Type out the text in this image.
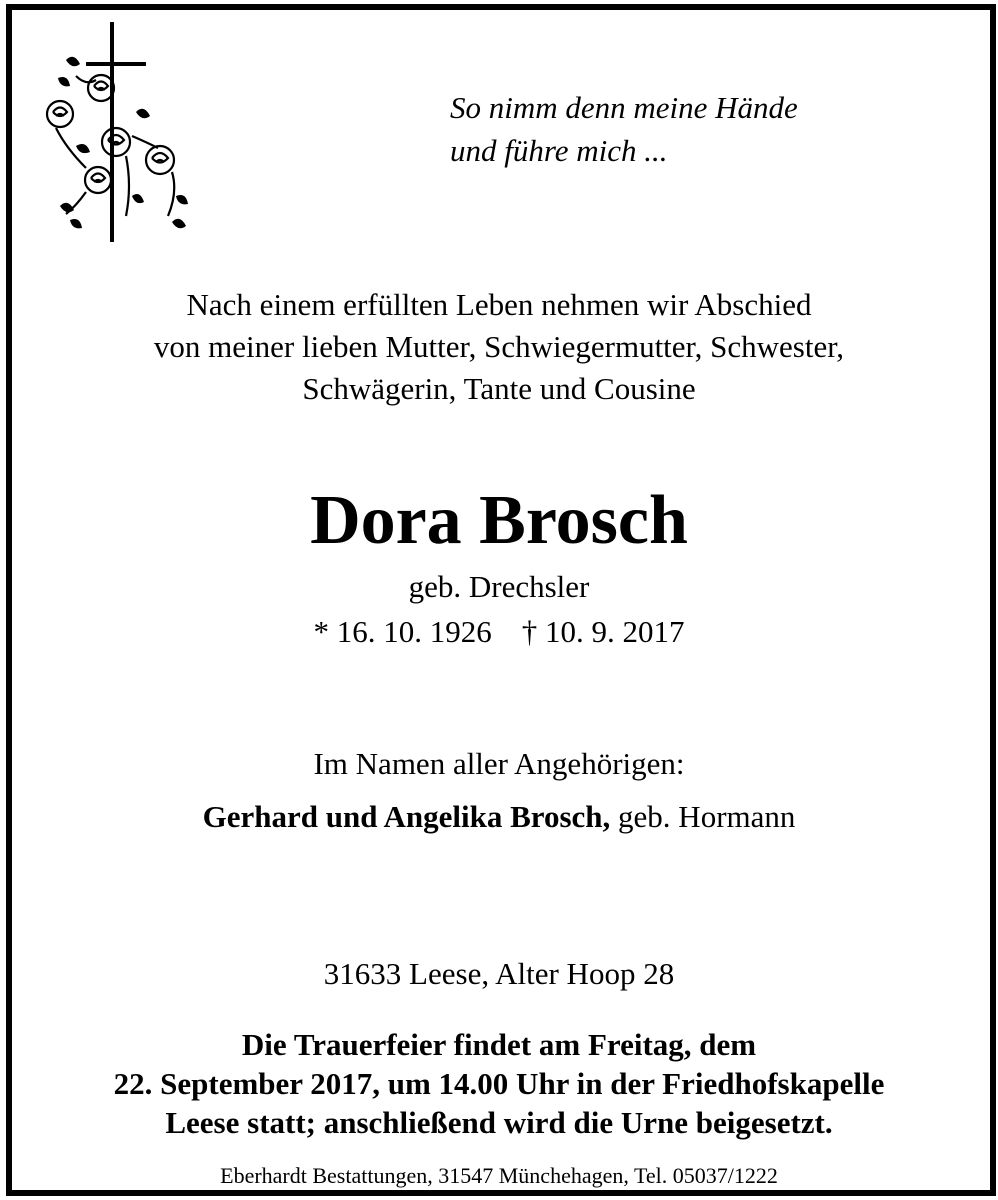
So nimm denn meine Hände
und führe mich ...
Nach einem erfüllten Leben nehmen wir Abschied
von meiner lieben Mutter, Schwiegermutter, Schwester,
Schwägerin, Tante und Cousine
Dora Brosch
geb. Drechsler
* 16. 10. 1926 † 10. 9. 2017
Im Namen aller Angehörigen:
Gerhard und Angelika Brosch, geb. Hormann
31633 Leese, Alter Hoop 28
Die Trauerfeier findet am Freitag, dem
22. September 2017, um 14.00 Uhr in der Friedhofskapelle
Leese statt; anschließend wird die Urne beigesetzt.
Eberhardt Bestattungen, 31547 Münchehagen, Tel. 05037/1222
